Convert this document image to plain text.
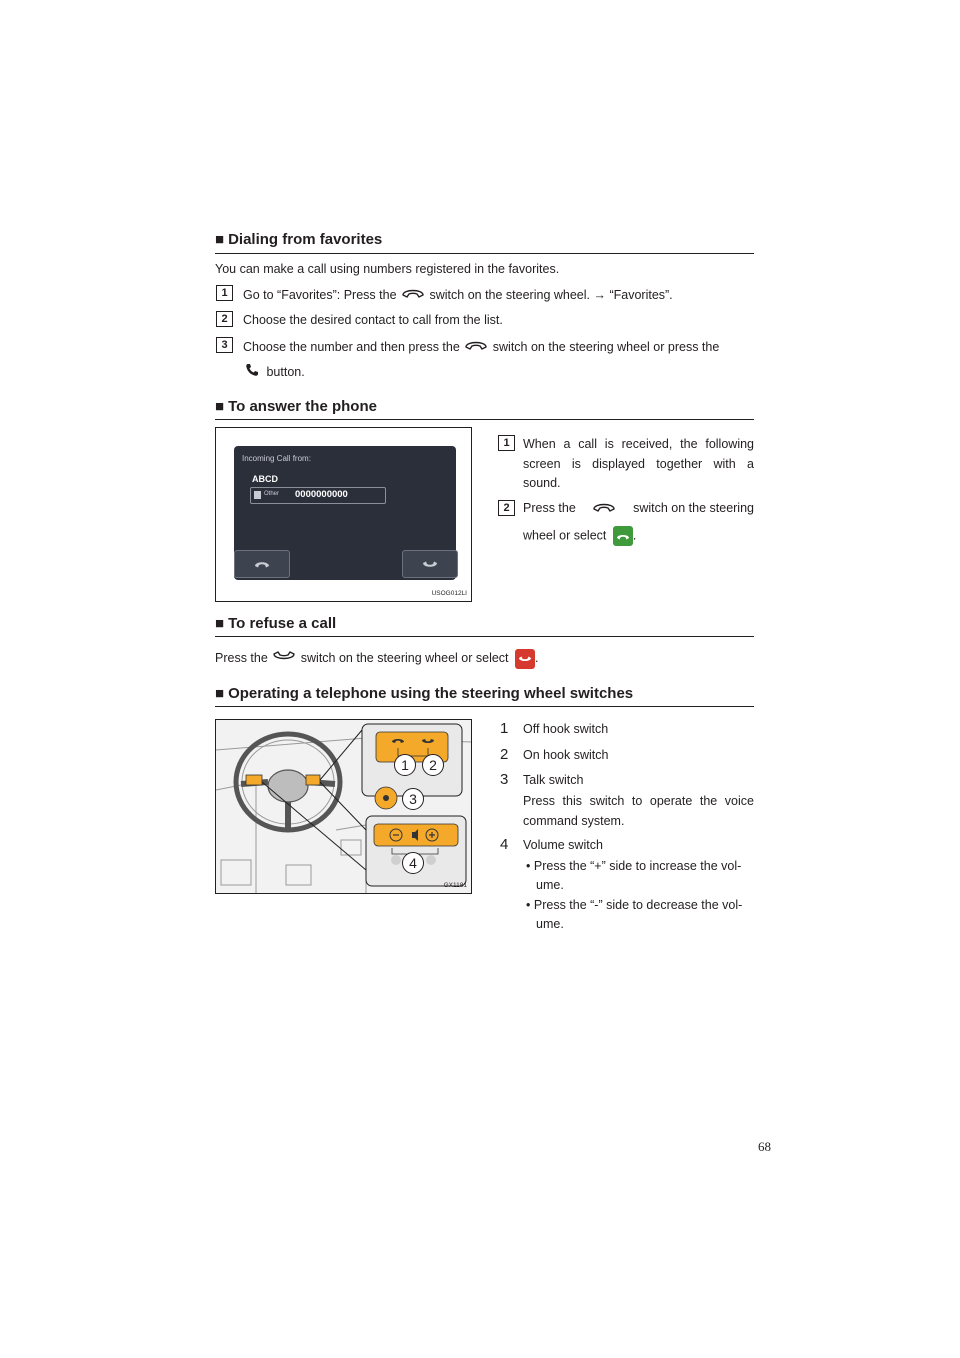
■ Dialing from favorites
You can make a call using numbers registered in the favorites.
1	Go to “Favorites”: Press the	switch on the steering wheel. → “Favorites”.
2	Choose the desired contact to call from the list.
3	Choose the number and then press the	switch on the steering wheel or press the
button.
■ To answer the phone
Incoming Call from:
ABCD
Other 0000000000
USOG012LI
1	When a call is received, the following screen is displayed together with a sound.
2	Press the	switch on the steering
wheel or select .
■ To refuse a call
Press the	switch on the steering wheel or select .
■ Operating a telephone using the steering wheel switches
1	2
3
4
GX1181
1 Off hook switch
2 On hook switch
3 Talk switch
Press this switch to operate the voice command system.
4 Volume switch
• Press the “+” side to increase the vol-
ume.
• Press the “-” side to decrease the vol-
ume.
68
